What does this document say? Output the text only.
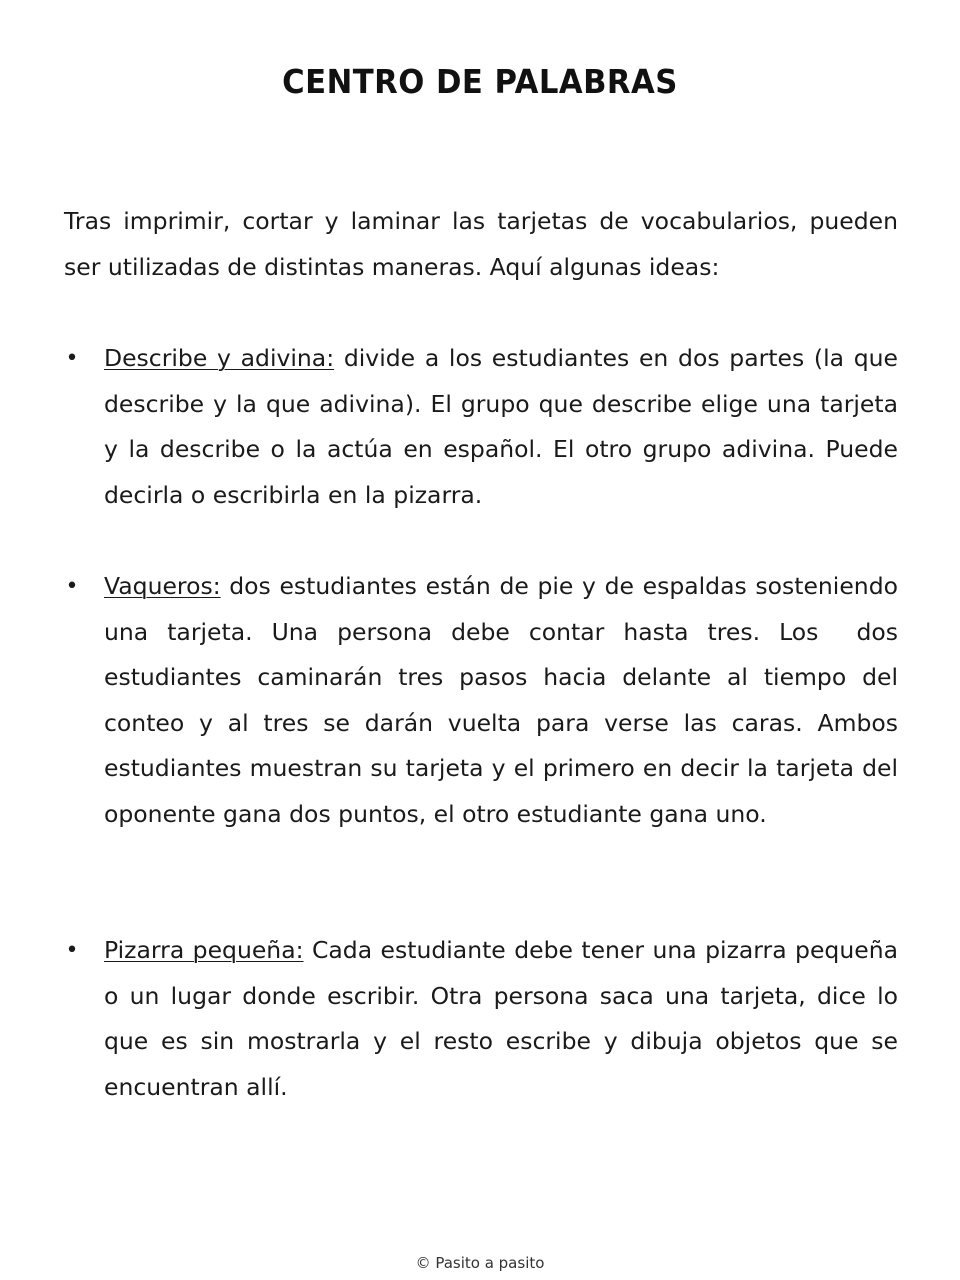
CENTRO DE PALABRAS

Tras imprimir, cortar y laminar las tarjetas de vocabularios, pueden ser utilizadas de distintas maneras. Aquí algunas ideas:

• Describe y adivina: divide a los estudiantes en dos partes (la que describe y la que adivina). El grupo que describe elige una tarjeta y la describe o la actúa en español. El otro grupo adivina. Puede decirla o escribirla en la pizarra.
• Vaqueros: dos estudiantes están de pie y de espaldas sosteniendo una tarjeta. Una persona debe contar hasta tres. Los  dos estudiantes caminarán tres pasos hacia delante al tiempo del conteo y al tres se darán vuelta para verse las caras. Ambos estudiantes muestran su tarjeta y el primero en decir la tarjeta del oponente gana dos puntos, el otro estudiante gana uno.
• Pizarra pequeña: Cada estudiante debe tener una pizarra pequeña o un lugar donde escribir. Otra persona saca una tarjeta, dice lo que es sin mostrarla y el resto escribe y dibuja objetos que se encuentran allí.

© Pasito a pasito
